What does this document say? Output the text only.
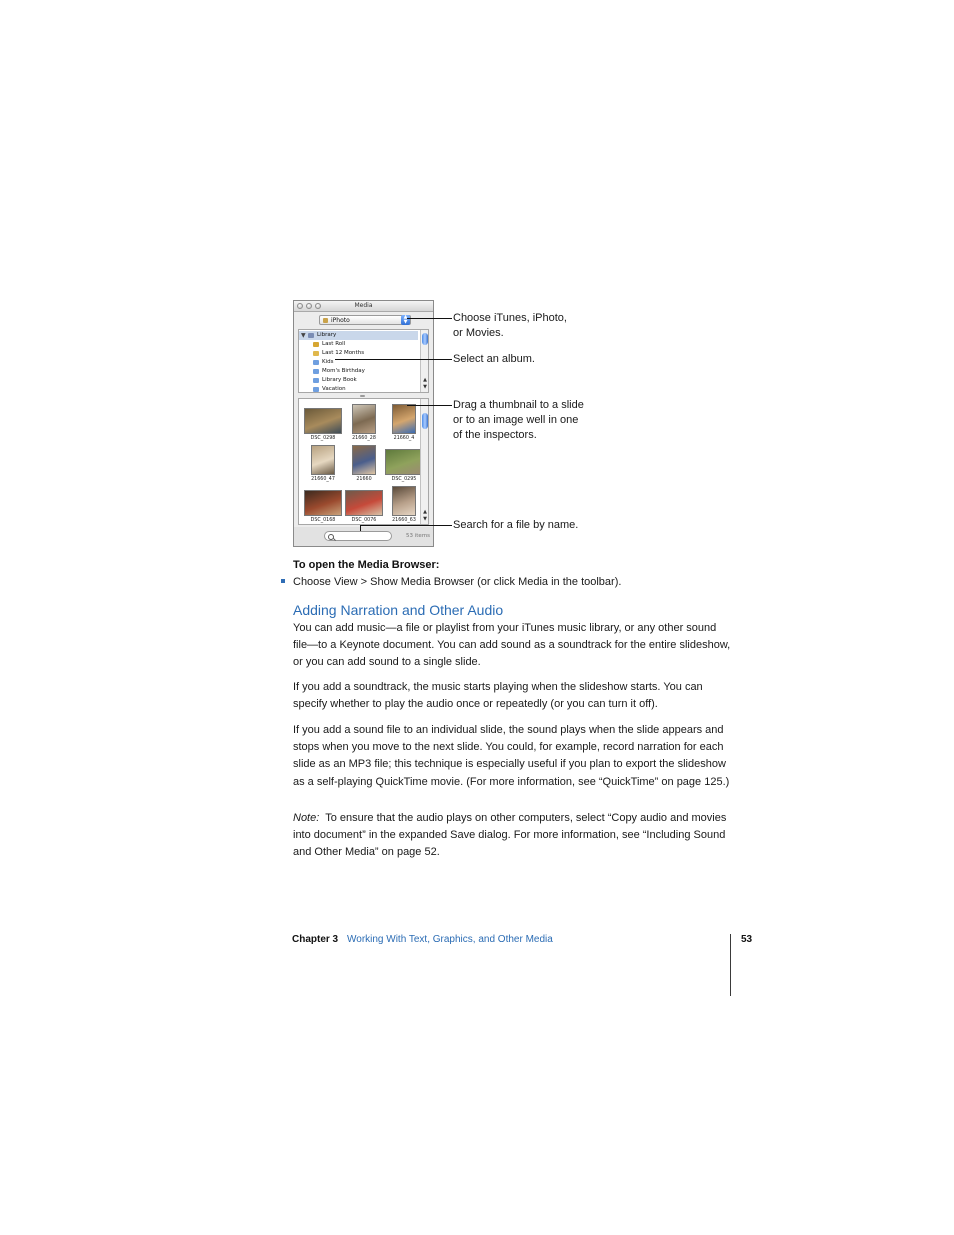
Media
iPhoto	▲
▼
▼ Library
Last Roll
Last 12 Months
Kids
Mom's Birthday
Library Book
Vacation
▲
▼
DSC_0298	21660_28	21660_4
21660_47	21660	DSC_0295
DSC_0168	DSC_0076	21660_63
▲
▼
53 items
Choose iTunes, iPhoto,
or Movies.
Select an album.
Drag a thumbnail to a slide
or to an image well in one
of the inspectors.
Search for a file by name.
To open the Media Browser:
Choose View > Show Media Browser (or click Media in the toolbar).
Adding Narration and Other Audio

You can add music—a file or playlist from your iTunes music library, or any other sound file—to a Keynote document. You can add sound as a soundtrack for the entire slideshow, or you can add sound to a single slide.

If you add a soundtrack, the music starts playing when the slideshow starts. You can specify whether to play the audio once or repeatedly (or you can turn it off).

If you add a sound file to an individual slide, the sound plays when the slide appears and stops when you move to the next slide. You could, for example, record narration for each slide as an MP3 file; this technique is especially useful if you plan to export the slideshow as a self-playing QuickTime movie. (For more information, see “QuickTime” on page 125.)

Note: To ensure that the audio plays on other computers, select “Copy audio and movies into document” in the expanded Save dialog. For more information, see “Including Sound and Other Media” on page 52.

Chapter 3 Working With Text, Graphics, and Other Media	53
